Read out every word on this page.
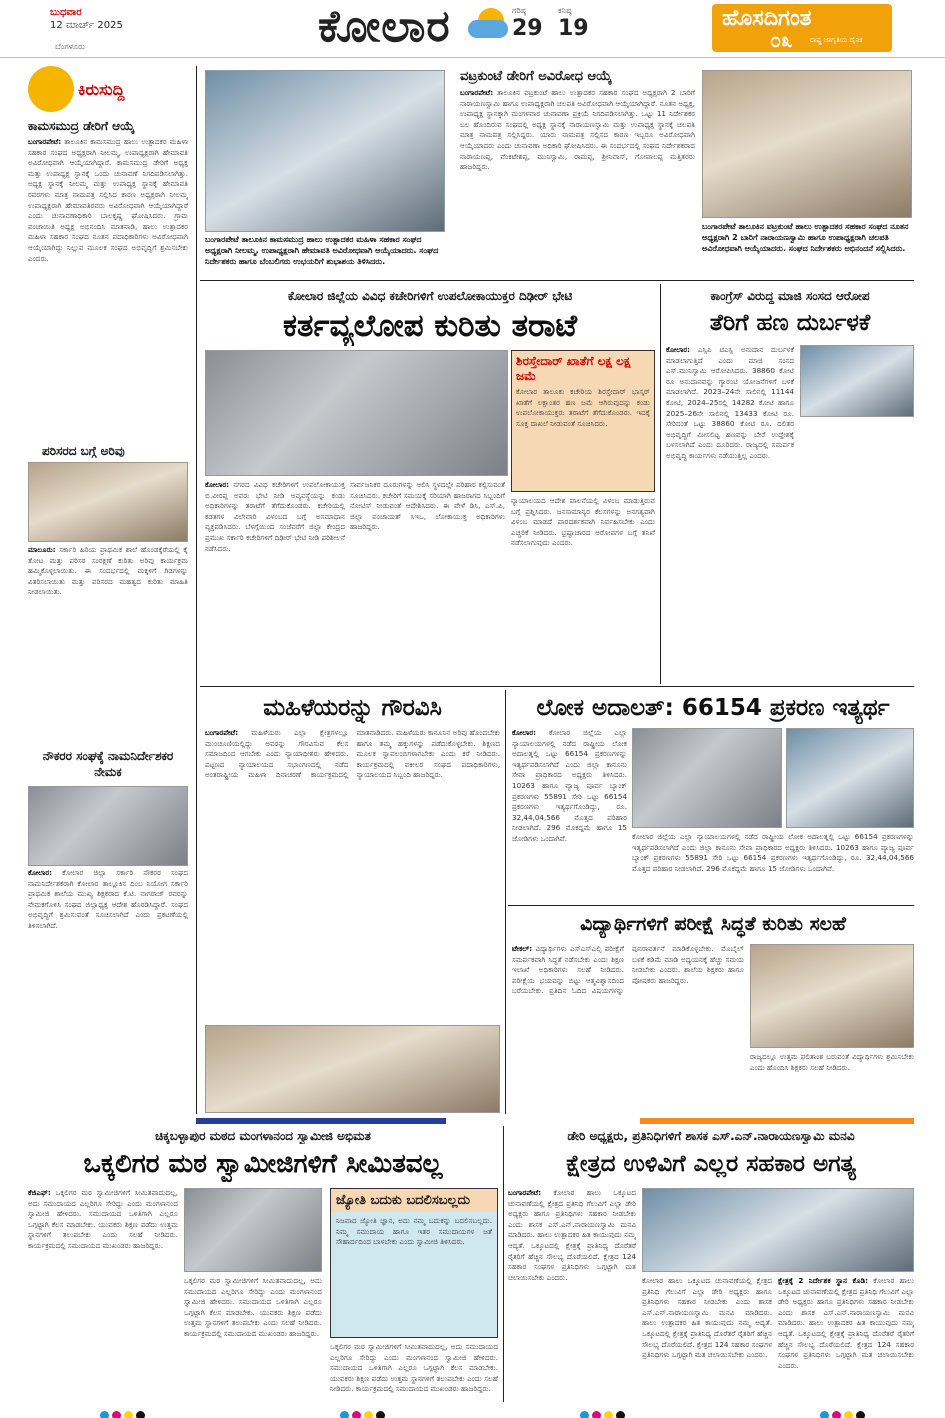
ಬುಧವಾರ
12 ಮಾರ್ಚ್ 2025
ಬೆಂಗಳೂರು	ಕೋಲಾರ	ಗರಿಷ್ಠ
29
ಕನಿಷ್ಠ
19	ಹೊಸದಿಗಂತ
೦೩	ರಾಷ್ಟ್ರ ಜಾಗೃತಿಯ ದೈನಿಕ
ಕಿರುಸುದ್ದಿ
ಕಾಮಸಮುದ್ರ ಡೇರಿಗೆ ಆಯ್ಕೆ
ಬಂಗಾರಪೇಟೆ: ತಾಲೂಕಿನ ಕಾಮಸಮುದ್ರ ಹಾಲು ಉತ್ಪಾದಕರ ಮಹಿಳಾ ಸಹಕಾರ ಸಂಘದ ಅಧ್ಯಕ್ಷರಾಗಿ ನೀಲಮ್ಮ, ಉಪಾಧ್ಯಕ್ಷರಾಗಿ ಹೇಮಾವತಿ ಅವಿರೋಧವಾಗಿ ಆಯ್ಕೆಯಾಗಿದ್ದಾರೆ. ಕಾಮಸಮುದ್ರ ಡೇರಿಗೆ ಅಧ್ಯಕ್ಷ ಮತ್ತು ಉಪಾಧ್ಯಕ್ಷ ಸ್ಥಾನಕ್ಕೆ ಒಂದು ಚುನಾವಣೆ ನಿಗದಿಪಡಿಸಲಾಗಿತ್ತು. ಅಧ್ಯಕ್ಷ ಸ್ಥಾನಕ್ಕೆ ನೀಲಮ್ಮ ಮತ್ತು ಉಪಾಧ್ಯಕ್ಷ ಸ್ಥಾನಕ್ಕೆ ಹೇಮಾವತಿ ರವರಗಳು ಮಾತ್ರ ನಾಮಪತ್ರ ಸಲ್ಲಿಸಿದ ಕಾರಣ ಅಧ್ಯಕ್ಷರಾಗಿ ನೀಲಮ್ಮ ಉಪಾಧ್ಯಕ್ಷರಾಗಿ ಹೇಮಾವತಿರವರು ಅವಿರೋಧವಾಗಿ ಆಯ್ಕೆಯಾಗಿದ್ದಾರೆ ಎಂದು ಚುನಾವಣಾಧಿಕಾರಿ ಬಾಲಕೃಷ್ಣ ಘೋಷಿಸಿದರು. ಗ್ರಾಮ ಪಂಚಾಯಿತಿ ಅಧ್ಯಕ್ಷ ಅಭಿನಂದಿಸಿ ಮಾತನಾಡಿ, ಹಾಲು ಉತ್ಪಾದಕರ ಮಹಿಳಾ ಸಹಕಾರ ಸಂಘದ ನೂತನ ಪದಾಧಿಕಾರಿಗಳು ಅವಿರೋಧವಾಗಿ ಆಯ್ಕೆಯಾಗಿದ್ದು ನಿಲ್ಲುವ ಮೂಲಕ ಸಂಘದ ಅಭಿವೃದ್ಧಿಗೆ ಶ್ರಮಿಸಬೇಕು ಎಂದರು.
ಪರಿಸರದ ಬಗ್ಗೆ ಅರಿವು
ಮಾಲೂರು: ಸರ್ಕಾರಿ ಹಿರಿಯ ಪ್ರಾಥಮಿಕ ಶಾಲೆ ಹೊಂಡಕ್ಕೆರೆಯಲ್ಲಿ ಕೈ ತೋಟ ಮತ್ತು ಪರಿಸರ ಸಂರಕ್ಷಣೆ ಕುರಿತು ಅರಿವು ಕಾರ್ಯಕ್ರಮ ಹಮ್ಮಿಕೊಳ್ಳಲಾಯಿತು. ಈ ಸಂದರ್ಭದಲ್ಲಿ ಮಕ್ಕಳಿಗೆ ಗಿಡಗಳನ್ನು ವಿತರಿಸಲಾಯಿತು ಮತ್ತು ಪರಿಸರದ ಮಹತ್ವದ ಕುರಿತು ಮಾಹಿತಿ ನೀಡಲಾಯಿತು.
ನೌಕರರ ಸಂಘಕ್ಕೆ ನಾಮನಿರ್ದೇಶಕರ ನೇಮಕ
ಕೋಲಾರ: ಕೋಲಾರ ಜಿಲ್ಲಾ ಸರ್ಕಾರಿ ನೌಕರರ ಸಂಘದ ನಾಮನಿರ್ದೇಶಕರಾಗಿ ಕೋಲಾರ ತಾಲ್ಲೂಕಿನ ದಿಂಬ ನಿಯೋಗ ಸರ್ಕಾರಿ ಪ್ರಾಥಮಿಕ ಶಾಲೆಯ ಮುಖ್ಯ ಶಿಕ್ಷಕರಾದ ಕೆ.ಟಿ. ನಾಗರಾಜ್ ರವರನ್ನು ನೇಮಕಗೊಳಿಸಿ ಸಂಘದ ಜಿಲ್ಲಾಧ್ಯಕ್ಷ ಆದೇಶ ಹೊರಡಿಸಿದ್ದಾರೆ. ಸಂಘದ ಅಭಿವೃದ್ಧಿಗೆ ಶ್ರಮಿಸುವಂತೆ ಸೂಚಿಸಲಾಗಿದೆ ಎಂದು ಪ್ರಕಟಣೆಯಲ್ಲಿ ತಿಳಿಸಲಾಗಿದೆ.
ಬಂಗಾರಪೇಟೆ ತಾಲೂಕಿನ ಕಾಮಸಮುದ್ರ ಹಾಲು ಉತ್ಪಾದಕರ ಮಹಿಳಾ ಸಹಕಾರ ಸಂಘದ ಅಧ್ಯಕ್ಷರಾಗಿ ನೀಲಮ್ಮ, ಉಪಾಧ್ಯಕ್ಷರಾಗಿ ಹೇಮಾವತಿ ಅವಿರೋಧವಾಗಿ ಆಯ್ಕೆಯಾದರು. ಸಂಘದ ನಿರ್ದೇಶಕರು ಹಾಗೂ ಬೆಂಬಲಿಗರು ಉಭಯರಿಗೆ ಶುಭಾಶಯ ತಿಳಿಸಿದರು.
ವಟ್ರಕುಂಟೆ ಡೇರಿಗೆ ಅವಿರೋಧ ಆಯ್ಕೆ
ಬಂಗಾರಪೇಟೆ: ತಾಲೂಕಿನ ವಟ್ರಕುಂಟೆ ಹಾಲು ಉತ್ಪಾದಕರ ಸಹಕಾರ ಸಂಘದ ಅಧ್ಯಕ್ಷರಾಗಿ 2 ಬಾರಿಗೆ ನಾರಾಯಣಸ್ವಾಮಿ ಹಾಗೂ ಉಪಾಧ್ಯಕ್ಷರಾಗಿ ಚಲಪತಿ ಅವಿರೋಧವಾಗಿ ಆಯ್ಕೆಯಾಗಿದ್ದಾರೆ. ನೂತನ ಅಧ್ಯಕ್ಷ, ಉಪಾಧ್ಯಕ್ಷ ಸ್ಥಾನಕ್ಕಾಗಿ ಮಂಗಳವಾರ ಚುನಾವಣಾ ಪ್ರಕ್ರಿಯೆ ನಿಗದಿಪಡಿಸಲಾಗಿತ್ತು. ಒಟ್ಟು 11 ನಿರ್ದೇಶಕರ ಬಲ ಹೊಂದಿರುವ ಸಂಘದಲ್ಲಿ ಅಧ್ಯಕ್ಷ ಸ್ಥಾನಕ್ಕೆ ನಾರಾಯಣಸ್ವಾಮಿ ಮತ್ತು ಉಪಾಧ್ಯಕ್ಷ ಸ್ಥಾನಕ್ಕೆ ಚಲಪತಿ ಮಾತ್ರ ನಾಮಪತ್ರ ಸಲ್ಲಿಸಿದ್ದರು. ಯಾರು ನಾಮಪತ್ರ ಸಲ್ಲಿಸದ ಕಾರಣ ಇಬ್ಬರೂ ಅವಿರೋಧವಾಗಿ ಆಯ್ಕೆಯಾದರು ಎಂದು ಚುನಾವಣಾ ಅಧಿಕಾರಿ ಘೋಷಿಸಿದರು. ಈ ಸಂದರ್ಭದಲ್ಲಿ ಸಂಘದ ನಿರ್ದೇಶಕರಾದ ನಾರಾಯಣಪ್ಪ, ವೆಂಕಟೇಶಪ್ಪ, ಮುನಿಸ್ವಾಮಿ, ರಾಮಪ್ಪ, ಶ್ರೀನಿವಾಸ್, ಗೋಪಾಲಪ್ಪ ಮತ್ತಿತರರು ಹಾಜರಿದ್ದರು.
ಬಂಗಾರಪೇಟೆ ತಾಲೂಕಿನ ವಟ್ರಕುಂಟೆ ಹಾಲು ಉತ್ಪಾದಕರ ಸಹಕಾರ ಸಂಘದ ನೂತನ ಅಧ್ಯಕ್ಷರಾಗಿ 2 ಬಾರಿಗೆ ನಾರಾಯಣಸ್ವಾಮಿ ಹಾಗೂ ಉಪಾಧ್ಯಕ್ಷರಾಗಿ ಚಲಪತಿ ಅವಿರೋಧವಾಗಿ ಆಯ್ಕೆಯಾದರು. ಸಂಘದ ನಿರ್ದೇಶಕರು ಅಭಿನಂದನೆ ಸಲ್ಲಿಸಿದರು.
ಕೋಲಾರ ಜಿಲ್ಲೆಯ ವಿವಿಧ ಕಚೇರಿಗಳಿಗೆ ಉಪಲೋಕಾಯುಕ್ತರ ದಿಢೀರ್ ಭೇಟಿ
ಕರ್ತವ್ಯಲೋಪ ಕುರಿತು ತರಾಟೆ
ಶಿರಸ್ತೇದಾರ್ ಖಾತೆಗೆ ಲಕ್ಷ ಲಕ್ಷ ಜಮೆ
ಕೋಲಾರ ತಾಲೂಕು ಕಚೇರಿಯ ಶಿರಸ್ತೇದಾರ್ ಭಾಸ್ಕರ್ ಖಾತೆಗೆ ಲಕ್ಷಾಂತರ ಹಣ ಜಮೆ ಆಗಿರುವುದನ್ನು ಕಂಡು ಉಪಲೋಕಾಯುಕ್ತರು ತರಾಟೆಗೆ ತೆಗೆದುಕೊಂಡರು. ಇದಕ್ಕೆ ಸೂಕ್ತ ದಾಖಲೆ ನೀಡುವಂತೆ ಸೂಚಿಸಿದರು.
ಕೋಲಾರ: ನಗರದ ವಿವಿಧ ಕಚೇರಿಗಳಿಗೆ ಉಪಲೋಕಾಯುಕ್ತ ಬಿ.ವೀರಪ್ಪ ಅವರು ಭೇಟಿ ನೀಡಿ ಅವ್ಯವಸ್ಥೆಯನ್ನು ಕಂಡು ಅಧಿಕಾರಿಗಳನ್ನು ತರಾಟೆಗೆ ತೆಗೆದುಕೊಂಡರು. ಕಚೇರಿಯಲ್ಲಿ ಕಡತಗಳ ವಿಲೇವಾರಿ ವಿಳಂಬದ ಬಗ್ಗೆ ಅಸಮಾಧಾನ ವ್ಯಕ್ತಪಡಿಸಿದರು. ಬೆಳಗ್ಗೆಯಿಂದ ಸಂಜೆವರೆಗೆ ಜಿಲ್ಲಾ ಕೇಂದ್ರದ ಪ್ರಮುಖ ಸರ್ಕಾರಿ ಕಚೇರಿಗಳಿಗೆ ದಿಢೀರ್ ಭೇಟಿ ನೀಡಿ ಪರಿಶೀಲನೆ ನಡೆಸಿದರು.
ಸಾರ್ವಜನಿಕರ ದೂರುಗಳನ್ನು ಆಲಿಸಿ ಸ್ಥಳದಲ್ಲೇ ಪರಿಹಾರ ಕಲ್ಪಿಸುವಂತೆ ಸೂಚಿಸಿದರು. ಕಚೇರಿಗೆ ಸಮಯಕ್ಕೆ ಸರಿಯಾಗಿ ಹಾಜರಾಗದ ಸಿಬ್ಬಂದಿಗೆ ನೋಟಿಸ್ ನೀಡುವಂತೆ ಆದೇಶಿಸಿದರು. ಈ ವೇಳೆ ಡಿಸಿ, ಎಸ್.ಪಿ, ಜಿಲ್ಲಾ ಪಂಚಾಯತ್ ಸಿಇಒ, ಲೋಕಾಯುಕ್ತ ಅಧಿಕಾರಿಗಳು ಹಾಜರಿದ್ದರು.
ನ್ಯಾಯಾಲಯದ ಆದೇಶ ಪಾಲನೆಯಲ್ಲಿ ವಿಳಂಬ ಮಾಡುತ್ತಿರುವ ಬಗ್ಗೆ ಪ್ರಶ್ನಿಸಿದರು. ಜನಸಾಮಾನ್ಯರ ಕೆಲಸಗಳನ್ನು ಅನಗತ್ಯವಾಗಿ ವಿಳಂಬ ಮಾಡದೆ ಪಾರದರ್ಶಕವಾಗಿ ನಿರ್ವಹಿಸಬೇಕು ಎಂದು ಎಚ್ಚರಿಕೆ ನೀಡಿದರು. ಭ್ರಷ್ಟಾಚಾರದ ಆರೋಪಗಳ ಬಗ್ಗೆ ತನಿಖೆ ನಡೆಸಲಾಗುವುದು ಎಂದರು.
ಕಾಂಗ್ರೆಸ್ ವಿರುದ್ಧ ಮಾಜಿ ಸಂಸದ ಆರೋಪ
ತೆರಿಗೆ ಹಣ ದುರ್ಬಳಕೆ
ಕೋಲಾರ: ಎಸ್ಸಿಪಿ ಟಿಎಸ್ಪಿ ಅನುದಾನ ದುರ್ಬಳಕೆ ಮಾಡಲಾಗುತ್ತಿದೆ ಎಂದು ಮಾಜಿ ಸಂಸದ ಎಸ್.ಮುನಿಸ್ವಾಮಿ ಆರೋಪಿಸಿದರು. 38860 ಕೋಟಿ ರೂ ಅನುದಾನವನ್ನು ಗ್ಯಾರಂಟಿ ಯೋಜನೆಗಳಿಗೆ ಬಳಕೆ ಮಾಡಲಾಗಿದೆ. 2023–24ನೇ ಸಾಲಿನಲ್ಲಿ 11144 ಕೋಟಿ, 2024–25ರಲ್ಲಿ 14282 ಕೋಟಿ ಹಾಗೂ 2025–26ನೇ ಸಾಲಿನಲ್ಲಿ 13433 ಕೋಟಿ ರೂ. ಸೇರಿದಂತೆ ಒಟ್ಟು 38860 ಕೋಟಿ ರೂ. ದಲಿತರ ಅಭಿವೃದ್ಧಿಗೆ ಮೀಸಲಿಟ್ಟ ಹಣವನ್ನು ಬೇರೆ ಉದ್ದೇಶಕ್ಕೆ ಬಳಸಲಾಗಿದೆ ಎಂದು ದೂರಿದರು. ರಾಜ್ಯದಲ್ಲಿ ಸಮರ್ಪಕ ಅಭಿವೃದ್ಧಿ ಕಾರ್ಯಗಳು ನಡೆಯುತ್ತಿಲ್ಲ ಎಂದರು.
ಮಹಿಳೆಯರನ್ನು ಗೌರವಿಸಿ
ಬಂಗಾರಪೇಟೆ: ಮಹಿಳೆಯರು ಎಲ್ಲಾ ಕ್ಷೇತ್ರಗಳಲ್ಲೂ ಮುಂಚೂಣಿಯಲ್ಲಿದ್ದು ಅವರನ್ನು ಗೌರವಿಸುವ ಕೆಲಸ ಸಮಾಜದಿಂದ ಆಗಬೇಕು ಎಂದು ನ್ಯಾಯಾಧೀಶರು ಹೇಳಿದರು. ಪಟ್ಟಣದ ನ್ಯಾಯಾಲಯದ ಸಭಾಂಗಣದಲ್ಲಿ ನಡೆದ ಅಂತರಾಷ್ಟ್ರೀಯ ಮಹಿಳಾ ದಿನಾಚರಣೆ ಕಾರ್ಯಕ್ರಮದಲ್ಲಿ ಮಾತನಾಡಿದರು. ಮಹಿಳೆಯರು ಕಾನೂನಿನ ಅರಿವು ಹೊಂದಬೇಕು ಹಾಗೂ ತಮ್ಮ ಹಕ್ಕುಗಳನ್ನು ಪಡೆದುಕೊಳ್ಳಬೇಕು. ಶಿಕ್ಷಣದ ಮೂಲಕ ಸ್ವಾವಲಂಬಿಗಳಾಗಬೇಕು ಎಂದು ಕರೆ ನೀಡಿದರು. ಕಾರ್ಯಕ್ರಮದಲ್ಲಿ ವಕೀಲರ ಸಂಘದ ಪದಾಧಿಕಾರಿಗಳು, ನ್ಯಾಯಾಲಯದ ಸಿಬ್ಬಂದಿ ಹಾಜರಿದ್ದರು.
ಲೋಕ ಅದಾಲತ್: 66154 ಪ್ರಕರಣ ಇತ್ಯರ್ಥ
ಕೋಲಾರ: ಕೋಲಾರ ಜಿಲ್ಲೆಯ ಎಲ್ಲಾ ನ್ಯಾಯಾಲಯಗಳಲ್ಲಿ ನಡೆದ ರಾಷ್ಟ್ರೀಯ ಲೋಕ ಅದಾಲತ್ನಲ್ಲಿ ಒಟ್ಟು 66154 ಪ್ರಕರಣಗಳನ್ನು ಇತ್ಯರ್ಥಪಡಿಸಲಾಗಿದೆ ಎಂದು ಜಿಲ್ಲಾ ಕಾನೂನು ಸೇವಾ ಪ್ರಾಧಿಕಾರದ ಅಧ್ಯಕ್ಷರು ತಿಳಿಸಿದರು. 10263 ಹಾಗೂ ವ್ಯಾಜ್ಯ ಪೂರ್ವ ಬ್ಯಾಂಕ್ ಪ್ರಕರಣಗಳು 55891 ಸೇರಿ ಒಟ್ಟು 66154 ಪ್ರಕರಣಗಳು ಇತ್ಯರ್ಥಗೊಂಡಿದ್ದು, ರೂ. 32,44,04,566 ಮೊತ್ತದ ಪರಿಹಾರ ನೀಡಲಾಗಿದೆ. 296 ಮೊಕದ್ದಮೆ ಹಾಗೂ 15 ಜೋಡಿಗಳು ಒಂದಾಗಿವೆ.	ಕೋಲಾರ ಜಿಲ್ಲೆಯ ಎಲ್ಲಾ ನ್ಯಾಯಾಲಯಗಳಲ್ಲಿ ನಡೆದ ರಾಷ್ಟ್ರೀಯ ಲೋಕ ಅದಾಲತ್ನಲ್ಲಿ ಒಟ್ಟು 66154 ಪ್ರಕರಣಗಳನ್ನು ಇತ್ಯರ್ಥಪಡಿಸಲಾಗಿದೆ ಎಂದು ಜಿಲ್ಲಾ ಕಾನೂನು ಸೇವಾ ಪ್ರಾಧಿಕಾರದ ಅಧ್ಯಕ್ಷರು ತಿಳಿಸಿದರು. 10263 ಹಾಗೂ ವ್ಯಾಜ್ಯ ಪೂರ್ವ ಬ್ಯಾಂಕ್ ಪ್ರಕರಣಗಳು 55891 ಸೇರಿ ಒಟ್ಟು 66154 ಪ್ರಕರಣಗಳು ಇತ್ಯರ್ಥಗೊಂಡಿದ್ದು, ರೂ. 32,44,04,566 ಮೊತ್ತದ ಪರಿಹಾರ ನೀಡಲಾಗಿದೆ. 296 ಮೊಕದ್ದಮೆ ಹಾಗೂ 15 ಜೋಡಿಗಳು ಒಂದಾಗಿವೆ.
ವಿದ್ಯಾರ್ಥಿಗಳಿಗೆ ಪರೀಕ್ಷೆ ಸಿದ್ಧತೆ ಕುರಿತು ಸಲಹೆ
ಟೇಕಲ್: ವಿದ್ಯಾರ್ಥಿಗಳು ಎಸ್ಎಸ್ಎಲ್ಸಿ ಪರೀಕ್ಷೆಗೆ ಸಮರ್ಪಕವಾಗಿ ಸಿದ್ಧತೆ ನಡೆಸಬೇಕು ಎಂದು ಶಿಕ್ಷಣ ಇಲಾಖೆ ಅಧಿಕಾರಿಗಳು ಸಲಹೆ ನೀಡಿದರು. ಪರೀಕ್ಷೆಯ ಭಯವನ್ನು ಬಿಟ್ಟು ಆತ್ಮವಿಶ್ವಾಸದಿಂದ ಬರೆಯಬೇಕು. ಪ್ರತಿದಿನ ಓದಿದ ವಿಷಯಗಳನ್ನು ಪುನರಾವರ್ತನೆ ಮಾಡಿಕೊಳ್ಳಬೇಕು. ಮೊಬೈಲ್ ಬಳಕೆ ಕಡಿಮೆ ಮಾಡಿ ಅಧ್ಯಯನಕ್ಕೆ ಹೆಚ್ಚು ಸಮಯ ನೀಡಬೇಕು ಎಂದರು. ಶಾಲೆಯ ಶಿಕ್ಷಕರು ಹಾಗೂ ಪೋಷಕರು ಹಾಜರಿದ್ದರು.
ರಾಜ್ಯದಲ್ಲೂ ಉತ್ತಮ ಫಲಿತಾಂಶ ಬರುವಂತೆ ವಿದ್ಯಾರ್ಥಿಗಳು ಶ್ರಮಿಸಬೇಕು ಎಂದು ಹೊಂದಿಸಿ ಶಿಕ್ಷಕರು ಸಲಹೆ ನೀಡಿದರು.
ಚಿಕ್ಕಬಳ್ಳಾಪುರ ಮಠದ ಮಂಗಳಾನಂದ ಸ್ವಾಮೀಜಿ ಅಭಿಮತ
ಒಕ್ಕಲಿಗರ ಮಠ ಸ್ವಾಮೀಜಿಗಳಿಗೆ ಸೀಮಿತವಲ್ಲ
ಕೆಜಿಎಫ್: ಒಕ್ಕಲಿಗರ ಮಠ ಸ್ವಾಮೀಜಿಗಳಿಗೆ ಸೀಮಿತವಾದುದಲ್ಲ, ಅದು ಸಮುದಾಯದ ಎಲ್ಲರಿಗೂ ಸೇರಿದ್ದು ಎಂದು ಮಂಗಳಾನಂದ ಸ್ವಾಮೀಜಿ ಹೇಳಿದರು. ಸಮುದಾಯದ ಒಳಿತಿಗಾಗಿ ಎಲ್ಲರೂ ಒಗ್ಗಟ್ಟಾಗಿ ಕೆಲಸ ಮಾಡಬೇಕು. ಯುವಕರು ಶಿಕ್ಷಣ ಪಡೆದು ಉತ್ತಮ ಸ್ಥಾನಗಳಿಗೆ ತಲುಪಬೇಕು ಎಂದು ಸಲಹೆ ನೀಡಿದರು. ಕಾರ್ಯಕ್ರಮದಲ್ಲಿ ಸಮುದಾಯದ ಮುಖಂಡರು ಹಾಜರಿದ್ದರು.
ಒಕ್ಕಲಿಗರ ಮಠ ಸ್ವಾಮೀಜಿಗಳಿಗೆ ಸೀಮಿತವಾದುದಲ್ಲ, ಅದು ಸಮುದಾಯದ ಎಲ್ಲರಿಗೂ ಸೇರಿದ್ದು ಎಂದು ಮಂಗಳಾನಂದ ಸ್ವಾಮೀಜಿ ಹೇಳಿದರು. ಸಮುದಾಯದ ಒಳಿತಿಗಾಗಿ ಎಲ್ಲರೂ ಒಗ್ಗಟ್ಟಾಗಿ ಕೆಲಸ ಮಾಡಬೇಕು. ಯುವಕರು ಶಿಕ್ಷಣ ಪಡೆದು ಉತ್ತಮ ಸ್ಥಾನಗಳಿಗೆ ತಲುಪಬೇಕು ಎಂದು ಸಲಹೆ ನೀಡಿದರು. ಕಾರ್ಯಕ್ರಮದಲ್ಲಿ ಸಮುದಾಯದ ಮುಖಂಡರು ಹಾಜರಿದ್ದರು.
ಜ್ಯೋತಿ ಬದುಕು ಬದಲಿಸಬಲ್ಲದು
ನಿಜವಾದ ಜ್ಯೋತಿ ಜ್ಞಾನ, ಅದು ನಮ್ಮ ಬದುಕನ್ನು ಬದಲಿಸಬಲ್ಲದು. ನಿಮ್ಮ ಸಮುದಾಯ ಹಾಗೂ ಇತರ ಸಮುದಾಯಗಳ ಜತೆ ಸೌಹಾರ್ದದಿಂದ ಬಾಳಬೇಕು ಎಂದು ಸ್ವಾಮೀಜಿ ತಿಳಿಸಿದರು.
ಒಕ್ಕಲಿಗರ ಮಠ ಸ್ವಾಮೀಜಿಗಳಿಗೆ ಸೀಮಿತವಾದುದಲ್ಲ, ಅದು ಸಮುದಾಯದ ಎಲ್ಲರಿಗೂ ಸೇರಿದ್ದು ಎಂದು ಮಂಗಳಾನಂದ ಸ್ವಾಮೀಜಿ ಹೇಳಿದರು. ಸಮುದಾಯದ ಒಳಿತಿಗಾಗಿ ಎಲ್ಲರೂ ಒಗ್ಗಟ್ಟಾಗಿ ಕೆಲಸ ಮಾಡಬೇಕು. ಯುವಕರು ಶಿಕ್ಷಣ ಪಡೆದು ಉತ್ತಮ ಸ್ಥಾನಗಳಿಗೆ ತಲುಪಬೇಕು ಎಂದು ಸಲಹೆ ನೀಡಿದರು. ಕಾರ್ಯಕ್ರಮದಲ್ಲಿ ಸಮುದಾಯದ ಮುಖಂಡರು ಹಾಜರಿದ್ದರು.
ಡೇರಿ ಅಧ್ಯಕ್ಷರು, ಪ್ರತಿನಿಧಿಗಳಿಗೆ ಶಾಸಕ ಎಸ್.ಎನ್.ನಾರಾಯಣಸ್ವಾಮಿ ಮನವಿ
ಕ್ಷೇತ್ರದ ಉಳಿವಿಗೆ ಎಲ್ಲರ ಸಹಕಾರ ಅಗತ್ಯ
ಬಂಗಾರಪೇಟೆ: ಕೋಲಾರ ಹಾಲು ಒಕ್ಕೂಟದ ಚುನಾವಣೆಯಲ್ಲಿ ಕ್ಷೇತ್ರದ ಪ್ರತಿನಿಧಿ ಗೆಲುವಿಗೆ ಎಲ್ಲಾ ಡೇರಿ ಅಧ್ಯಕ್ಷರು ಹಾಗೂ ಪ್ರತಿನಿಧಿಗಳು ಸಹಕಾರ ನೀಡಬೇಕು ಎಂದು ಶಾಸಕ ಎಸ್.ಎನ್.ನಾರಾಯಣಸ್ವಾಮಿ ಮನವಿ ಮಾಡಿದರು. ಹಾಲು ಉತ್ಪಾದಕರ ಹಿತ ಕಾಯುವುದು ನಮ್ಮ ಆದ್ಯತೆ. ಒಕ್ಕೂಟದಲ್ಲಿ ಕ್ಷೇತ್ರಕ್ಕೆ ಪ್ರಾತಿನಿಧ್ಯ ದೊರೆತರೆ ರೈತರಿಗೆ ಹೆಚ್ಚಿನ ಸೌಲಭ್ಯ ದೊರೆಯಲಿದೆ. ಕ್ಷೇತ್ರದ 124 ಸಹಕಾರ ಸಂಘಗಳ ಪ್ರತಿನಿಧಿಗಳು ಒಗ್ಗಟ್ಟಾಗಿ ಮತ ಚಲಾಯಿಸಬೇಕು ಎಂದರು.	ಕೋಲಾರ ಹಾಲು ಒಕ್ಕೂಟದ ಚುನಾವಣೆಯಲ್ಲಿ ಕ್ಷೇತ್ರದ ಪ್ರತಿನಿಧಿ ಗೆಲುವಿಗೆ ಎಲ್ಲಾ ಡೇರಿ ಅಧ್ಯಕ್ಷರು ಹಾಗೂ ಪ್ರತಿನಿಧಿಗಳು ಸಹಕಾರ ನೀಡಬೇಕು ಎಂದು ಶಾಸಕ ಎಸ್.ಎನ್.ನಾರಾಯಣಸ್ವಾಮಿ ಮನವಿ ಮಾಡಿದರು. ಹಾಲು ಉತ್ಪಾದಕರ ಹಿತ ಕಾಯುವುದು ನಮ್ಮ ಆದ್ಯತೆ. ಒಕ್ಕೂಟದಲ್ಲಿ ಕ್ಷೇತ್ರಕ್ಕೆ ಪ್ರಾತಿನಿಧ್ಯ ದೊರೆತರೆ ರೈತರಿಗೆ ಹೆಚ್ಚಿನ ಸೌಲಭ್ಯ ದೊರೆಯಲಿದೆ. ಕ್ಷೇತ್ರದ 124 ಸಹಕಾರ ಸಂಘಗಳ ಪ್ರತಿನಿಧಿಗಳು ಒಗ್ಗಟ್ಟಾಗಿ ಮತ ಚಲಾಯಿಸಬೇಕು ಎಂದರು.
ಕ್ಷೇತ್ರಕ್ಕೆ 2 ನಿರ್ದೇಶಕ ಸ್ಥಾನ ಕೊಡಿ: ಕೋಲಾರ ಹಾಲು ಒಕ್ಕೂಟದ ಚುನಾವಣೆಯಲ್ಲಿ ಕ್ಷೇತ್ರದ ಪ್ರತಿನಿಧಿ ಗೆಲುವಿಗೆ ಎಲ್ಲಾ ಡೇರಿ ಅಧ್ಯಕ್ಷರು ಹಾಗೂ ಪ್ರತಿನಿಧಿಗಳು ಸಹಕಾರ ನೀಡಬೇಕು ಎಂದು ಶಾಸಕ ಎಸ್.ಎನ್.ನಾರಾಯಣಸ್ವಾಮಿ ಮನವಿ ಮಾಡಿದರು. ಹಾಲು ಉತ್ಪಾದಕರ ಹಿತ ಕಾಯುವುದು ನಮ್ಮ ಆದ್ಯತೆ. ಒಕ್ಕೂಟದಲ್ಲಿ ಕ್ಷೇತ್ರಕ್ಕೆ ಪ್ರಾತಿನಿಧ್ಯ ದೊರೆತರೆ ರೈತರಿಗೆ ಹೆಚ್ಚಿನ ಸೌಲಭ್ಯ ದೊರೆಯಲಿದೆ. ಕ್ಷೇತ್ರದ 124 ಸಹಕಾರ ಸಂಘಗಳ ಪ್ರತಿನಿಧಿಗಳು ಒಗ್ಗಟ್ಟಾಗಿ ಮತ ಚಲಾಯಿಸಬೇಕು ಎಂದರು.
